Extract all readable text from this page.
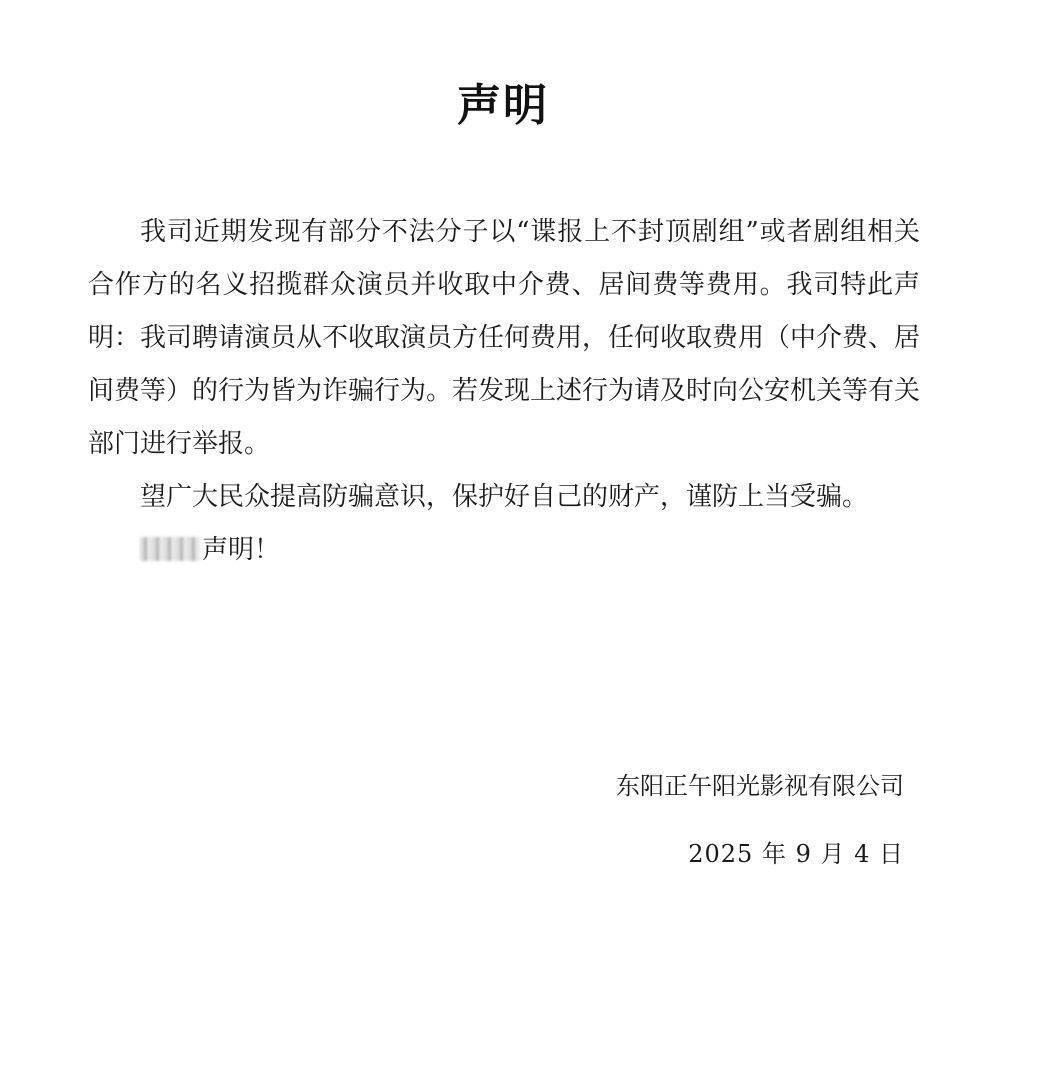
声明

我司近期发现有部分不法分子以“谍报上不封顶剧组”或者剧组相关合作方的名义招揽群众演员并收取中介费、居间费等费用。我司特此声明：我司聘请演员从不收取演员方任何费用，任何收取费用（中介费、居间费等）的行为皆为诈骗行为。若发现上述行为请及时向公安机关等有关部门进行举报。

望广大民众提高防骗意识，保护好自己的财产，谨防上当受骗。

声明！

东阳正午阳光影视有限公司

2025 年 9 月 4 日
